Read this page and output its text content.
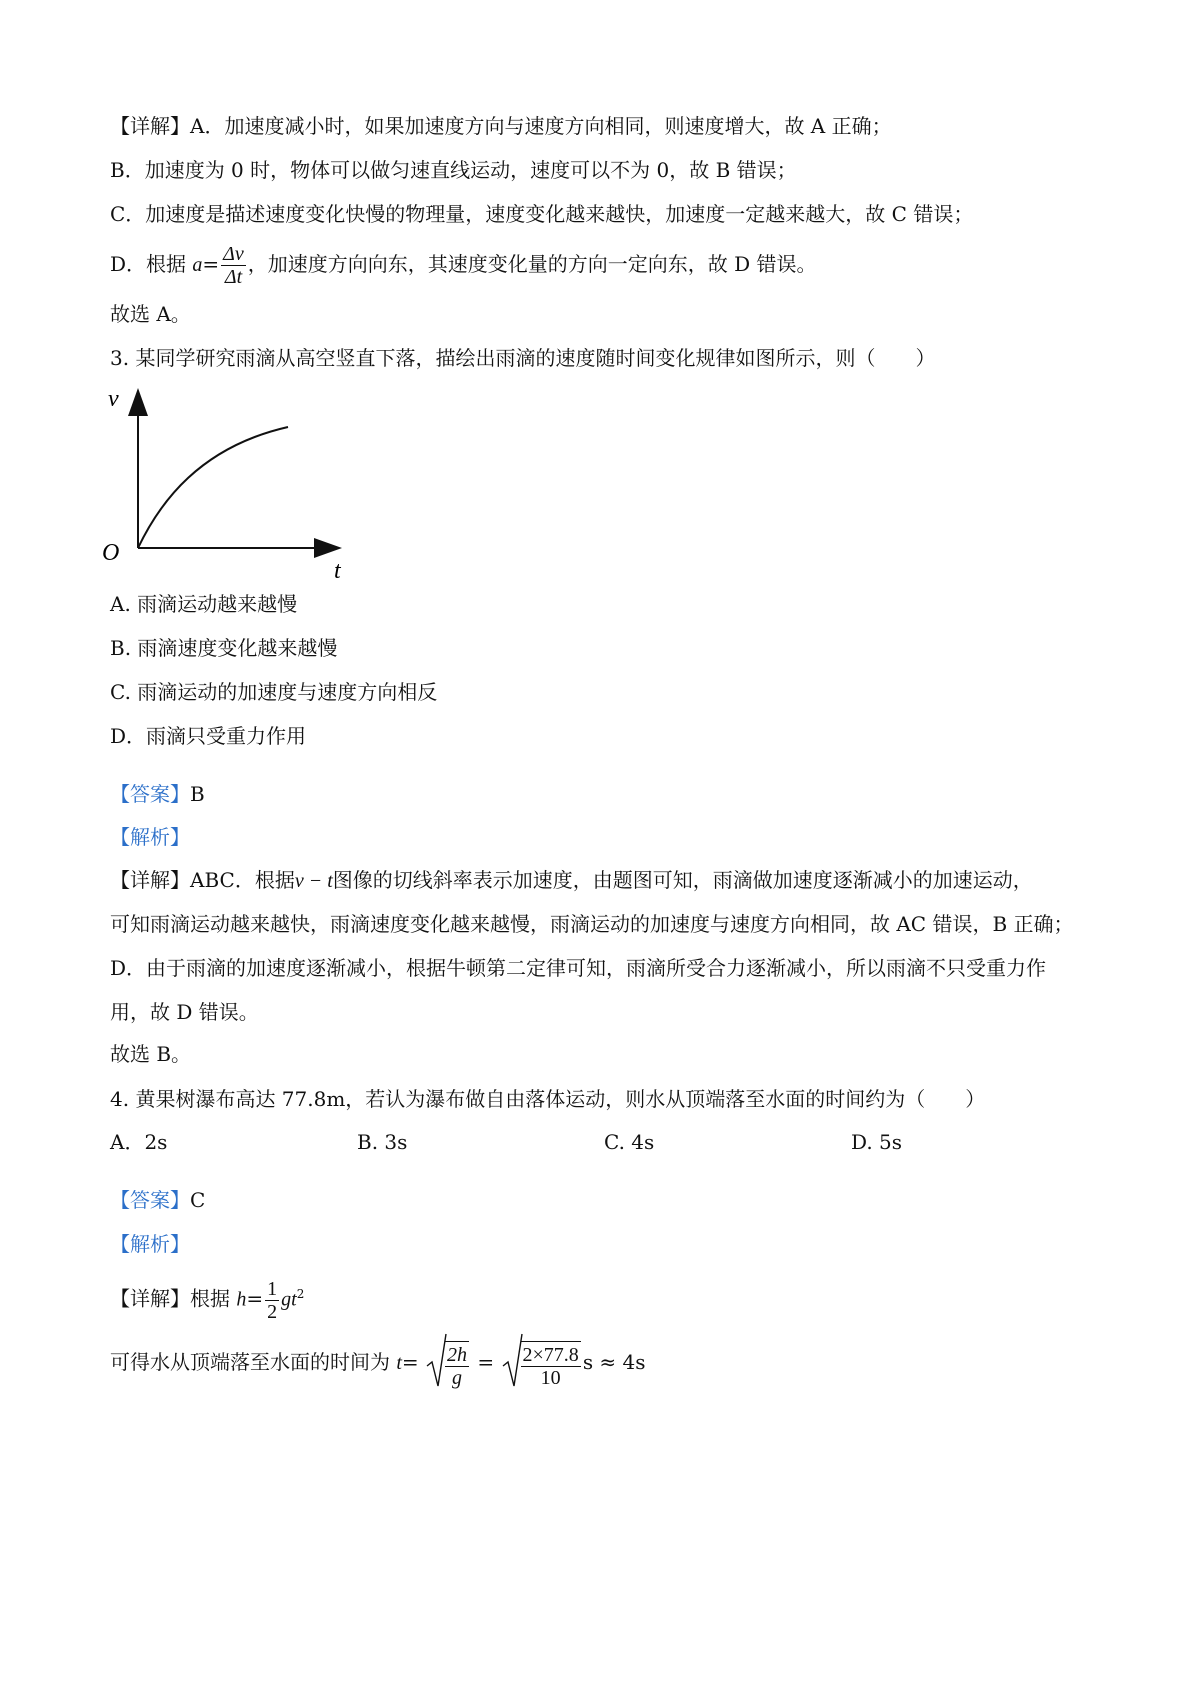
【详解】A．加速度减小时，如果加速度方向与速度方向相同，则速度增大，故 A 正确；
B．加速度为 0 时，物体可以做匀速直线运动，速度可以不为 0，故 B 错误；
C．加速度是描述速度变化快慢的物理量，速度变化越来越快，加速度一定越来越大，故 C 错误；
D．根据 $a= \frac{\Delta v}{\Delta t}$ ，加速度方向向东，其速度变化量的方向一定向东，故 D 错误。
故选 A。
3. 某同学研究雨滴从高空竖直下落，描绘出雨滴的速度随时间变化规律如图所示，则（　　）
v
t
O
A. 雨滴运动越来越慢
B. 雨滴速度变化越来越慢
C. 雨滴运动的加速度与速度方向相反
D．雨滴只受重力作用
【答案】B
【解析】
【详解】ABC．根据v − t图像的切线斜率表示加速度，由题图可知，雨滴做加速度逐渐减小的加速运动，
可知雨滴运动越来越快，雨滴速度变化越来越慢，雨滴运动的加速度与速度方向相同，故 AC 错误，B 正确；
D．由于雨滴的加速度逐渐减小，根据牛顿第二定律可知，雨滴所受合力逐渐减小，所以雨滴不只受重力作
用，故 D 错误。
故选 B。
4. 黄果树瀑布高达 77.8m，若认为瀑布做自由落体运动，则水从顶端落至水面的时间约为（　　）
A．2s	B. 3s	C. 4s	D. 5s
【答案】C
【解析】
【详解】根据 $h= \frac{1}{2} gt^2$
可得水从顶端落至水面的时间为 $t= \frac{2h}{g} = \frac{2\times 77.8}{10}$ s ≈ 4s
